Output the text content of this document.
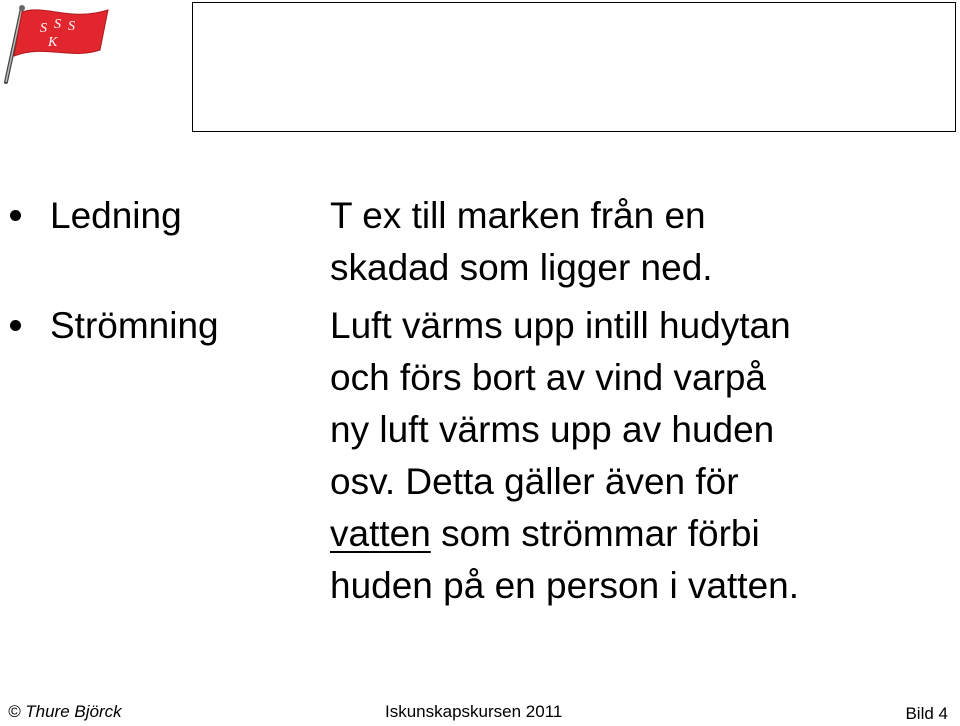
S S S
K
Ledning	T ex till marken från en
skadad som ligger ned.
Strömning	Luft värms upp intill hudytan
och förs bort av vind varpå
ny luft värms upp av huden
osv. Detta gäller även för
vatten som strömmar förbi
huden på en person i vatten.
© Thure Björck	Iskunskapskursen 2011	Bild 4
